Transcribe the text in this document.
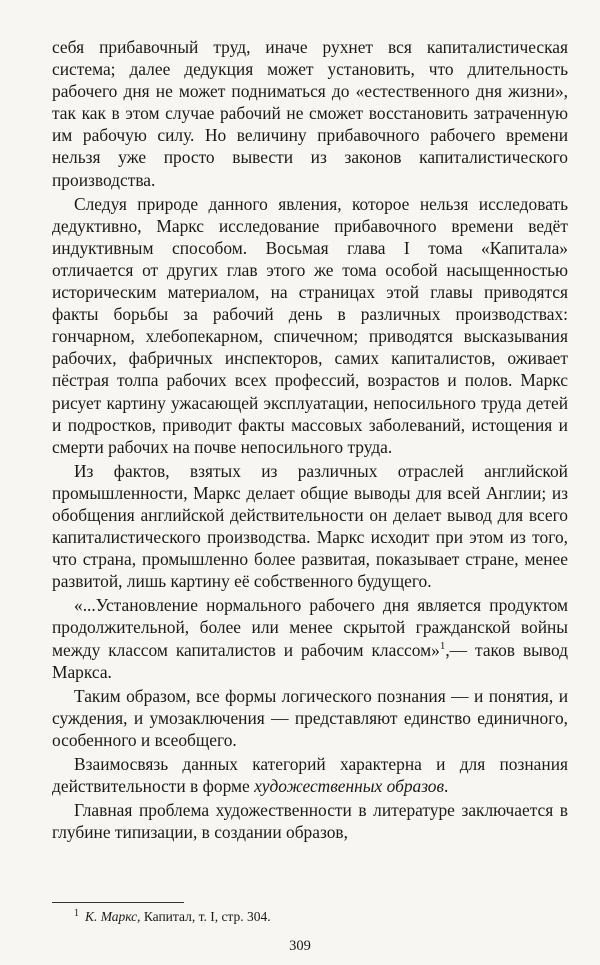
себя прибавочный труд, иначе рухнет вся капиталистическая система; далее дедукция может установить, что длительность рабочего дня не может подниматься до «естественного дня жизни», так как в этом случае рабочий не сможет восстановить затраченную им рабочую силу. Но величину прибавочного рабочего времени нельзя уже просто вывести из законов капиталистического производства.

Следуя природе данного явления, которое нельзя исследовать дедуктивно, Маркс исследование прибавочного времени ведёт индуктивным способом. Восьмая глава I тома «Капитала» отличается от других глав этого же тома особой насыщенностью историческим материалом, на страницах этой главы приводятся факты борьбы за рабочий день в различных производствах: гончарном, хлебопекарном, спичечном; приводятся высказывания рабочих, фабричных инспекторов, самих капиталистов, оживает пёстрая толпа рабочих всех профессий, возрастов и полов. Маркс рисует картину ужасающей эксплуатации, непосильного труда детей и подростков, приводит факты массовых заболеваний, истощения и смерти рабочих на почве непосильного труда.

Из фактов, взятых из различных отраслей английской промышленности, Маркс делает общие выводы для всей Англии; из обобщения английской действительности он делает вывод для всего капиталистического производства. Маркс исходит при этом из того, что страна, промышленно более развитая, показывает стране, менее развитой, лишь картину её собственного будущего.

«...Установление нормального рабочего дня является продуктом продолжительной, более или менее скрытой гражданской войны между классом капиталистов и рабочим классом»$^1$,— таков вывод Маркса.

Таким образом, все формы логического познания — и понятия, и суждения, и умозаключения — представляют единство единичного, особенного и всеобщего.

Взаимосвязь данных категорий характерна и для познания действительности в форме художественных образов.

Главная проблема художественности в литературе заключается в глубине типизации, в создании образов,

$^1$ К. Маркс, Капитал, т. I, стр. 304.
309
